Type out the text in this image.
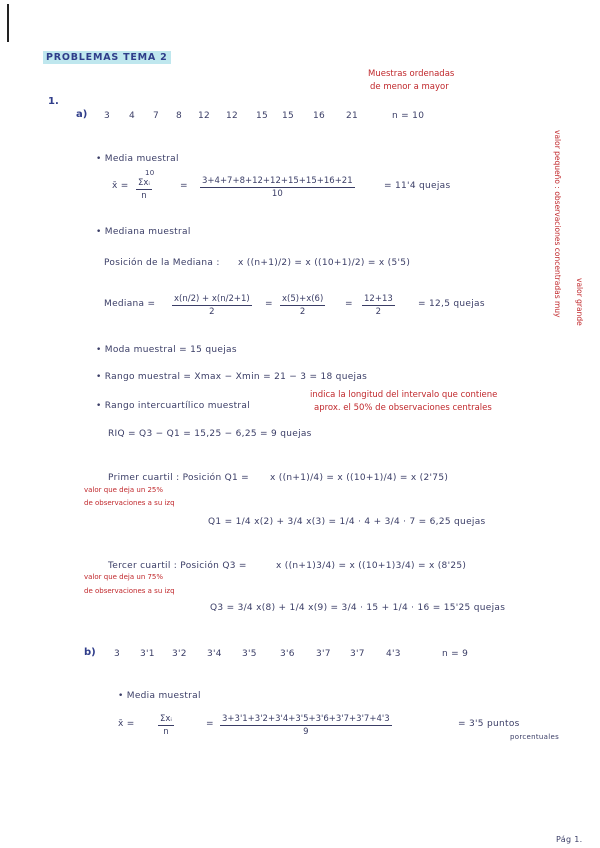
PROBLEMAS TEMA 2
Muestras ordenadas
de menor a mayor
1.
a) 3 4 7 8 12 12 15 15 16 21	n = 10
• Media muestral
x̄ =
10
Σxᵢ
n
= $\frac{3+4+7+8+12+12+15+15+16+21}{10}$	= 11'4 quejas
• Mediana muestral
Posición de la Mediana : x ((n+1)/2) = x ((10+1)/2) = x (5'5)
Mediana = $\frac{x(n/2) + x(n/2+1)}{2} = \frac{x(5)+x(6)}{2} = \frac{12+13}{2}$	= 12,5 quejas
• Moda muestral = 15 quejas
• Rango muestral = Xmax − Xmin = 21 − 3 = 18 quejas
• Rango intercuartílico muestral
indica la longitud del intervalo que contiene
aprox. el 50% de observaciones centrales
RIQ = Q3 − Q1 = 15,25 − 6,25 = 9 quejas
Primer cuartil : Posición Q1 = x ((n+1)/4) = x ((10+1)/4) = x (2'75)
valor que deja un 25%
de observaciones a su izq
Q1 = 1/4 x(2) + 3/4 x(3) = 1/4 · 4 + 3/4 · 7 = 6,25 quejas
Tercer cuartil : Posición Q3 =	x ((n+1)3/4) = x ((10+1)3/4) = x (8'25)
valor que deja un 75%
de observaciones a su izq
Q3 = 3/4 x(8) + 1/4 x(9) = 3/4 · 15 + 1/4 · 16 = 15'25 quejas
valor pequeño : observaciones concentradas muy valor grande
b) 3 3'1 3'2 3'4 3'5	3'6 3'7 3'7 4'3	n = 9
• Media muestral
x̄ =	Σxᵢ
n
= $\frac{3+3'1+3'2+3'4+3'5+3'6+3'7+3'7+4'3}{9}$	= 3'5 puntos
porcentuales
Pág 1.
